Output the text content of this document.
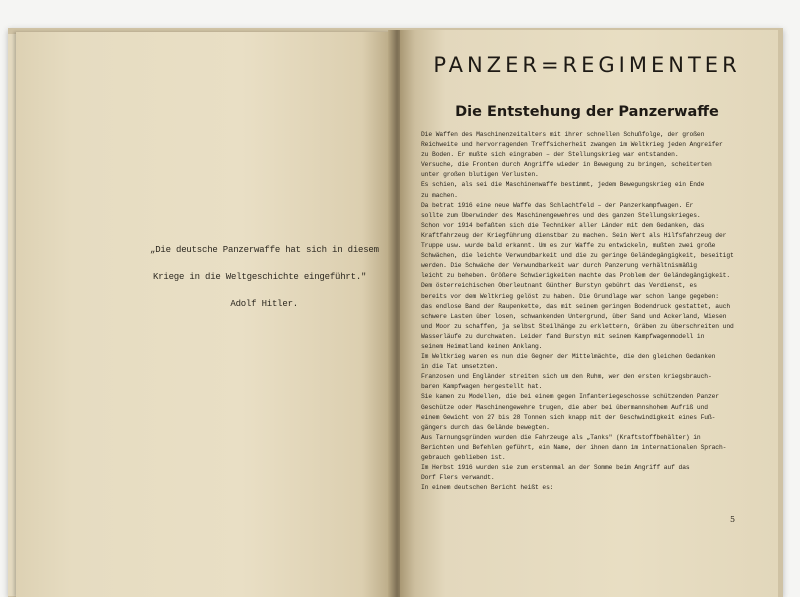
„Die deutsche Panzerwaffe hat sich in diesem
Kriege in die Weltgeschichte eingeführt."
Adolf Hitler.
PANZER=REGIMENTER
Die Entstehung der Panzerwaffe
Die Waffen des Maschinenzeitalters mit ihrer schnellen Schußfolge, der großen
Reichweite und hervorragenden Treffsicherheit zwangen im Weltkrieg jeden Angreifer
zu Boden. Er mußte sich eingraben – der Stellungskrieg war entstanden.
Versuche, die Fronten durch Angriffe wieder in Bewegung zu bringen, scheiterten
unter großen blutigen Verlusten.
Es schien, als sei die Maschinenwaffe bestimmt, jedem Bewegungskrieg ein Ende
zu machen.
Da betrat 1916 eine neue Waffe das Schlachtfeld – der Panzerkampfwagen. Er
sollte zum Überwinder des Maschinengewehres und des ganzen Stellungskrieges.
Schon vor 1914 befaßten sich die Techniker aller Länder mit dem Gedanken, das
Kraftfahrzeug der Kriegführung dienstbar zu machen. Sein Wert als Hilfsfahrzeug der
Truppe usw. wurde bald erkannt. Um es zur Waffe zu entwickeln, mußten zwei große
Schwächen, die leichte Verwundbarkeit und die zu geringe Geländegängigkeit, beseitigt
werden. Die Schwäche der Verwundbarkeit war durch Panzerung verhältnismäßig
leicht zu beheben. Größere Schwierigkeiten machte das Problem der Geländegängigkeit.
Dem österreichischen Oberleutnant Günther Burstyn gebührt das Verdienst, es
bereits vor dem Weltkrieg gelöst zu haben. Die Grundlage war schon lange gegeben:
das endlose Band der Raupenkette, das mit seinem geringen Bodendruck gestattet, auch
schwere Lasten über losen, schwankenden Untergrund, über Sand und Ackerland, Wiesen
und Moor zu schaffen, ja selbst Steilhänge zu erklettern, Gräben zu überschreiten und
Wasserläufe zu durchwaten. Leider fand Burstyn mit seinem Kampfwagenmodell in
seinem Heimatland keinen Anklang.
Im Weltkrieg waren es nun die Gegner der Mittelmächte, die den gleichen Gedanken
in die Tat umsetzten.
Franzosen und Engländer streiten sich um den Ruhm, wer den ersten kriegsbrauch-
baren Kampfwagen hergestellt hat.
Sie kamen zu Modellen, die bei einem gegen Infanteriegeschosse schützenden Panzer
Geschütze oder Maschinengewehre trugen, die aber bei übermannshohem Aufriß und
einem Gewicht von 27 bis 28 Tonnen sich knapp mit der Geschwindigkeit eines Fuß-
gängers durch das Gelände bewegten.
Aus Tarnungsgründen wurden die Fahrzeuge als „Tanks" (Kraftstoffbehälter) in
Berichten und Befehlen geführt, ein Name, der ihnen dann im internationalen Sprach-
gebrauch geblieben ist.
Im Herbst 1916 wurden sie zum erstenmal an der Somme beim Angriff auf das
Dorf Flers verwandt.
In einem deutschen Bericht heißt es:
5
